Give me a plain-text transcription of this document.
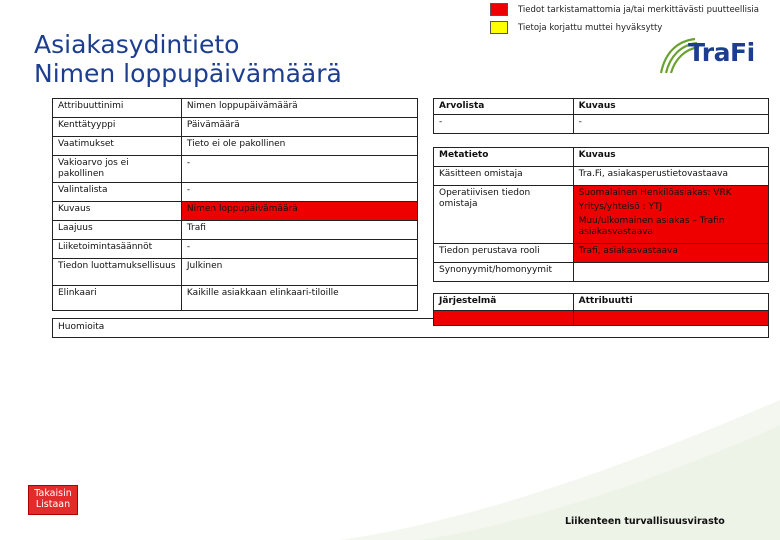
Tiedot tarkistamattomia ja/tai merkittävästi puutteellisia
Tietoja korjattu muttei hyväksytty
Asiakasydintieto
Nimen loppupäivämäärä
TraFi
Attribuuttinimi	Nimen loppupäivämäärä
Kenttätyyppi	Päivämäärä
Vaatimukset	Tieto ei ole pakollinen
Vakioarvo jos ei pakollinen	-
Valintalista	-
Kuvaus	Nimen loppupäivämäärä
Laajuus	Trafi
Liiketoimintasäännöt	-
Tiedon luottamuksellisuus	Julkinen
Elinkaari	Kaikille asiakkaan elinkaari-tiloille
Huomioita
Arvolista	Kuvaus
-	-
Metatieto	Kuvaus
Käsitteen omistaja	Tra.Fi, asiakasperustietovastaava
Operatiivisen tiedon omistaja	Suomalainen Henkilöasiakas: VRK
Yritys/yhteisö : YTJ
Muu/ulkomainen asiakas – Trafin asiakasvastaava

Tiedon perustava rooli	Trafi, asiakasvastaava
Synonyymit/homonyymit	
Järjestelmä	Attribuutti

Takaisin
Listaan
Liikenteen turvallisuusvirasto
